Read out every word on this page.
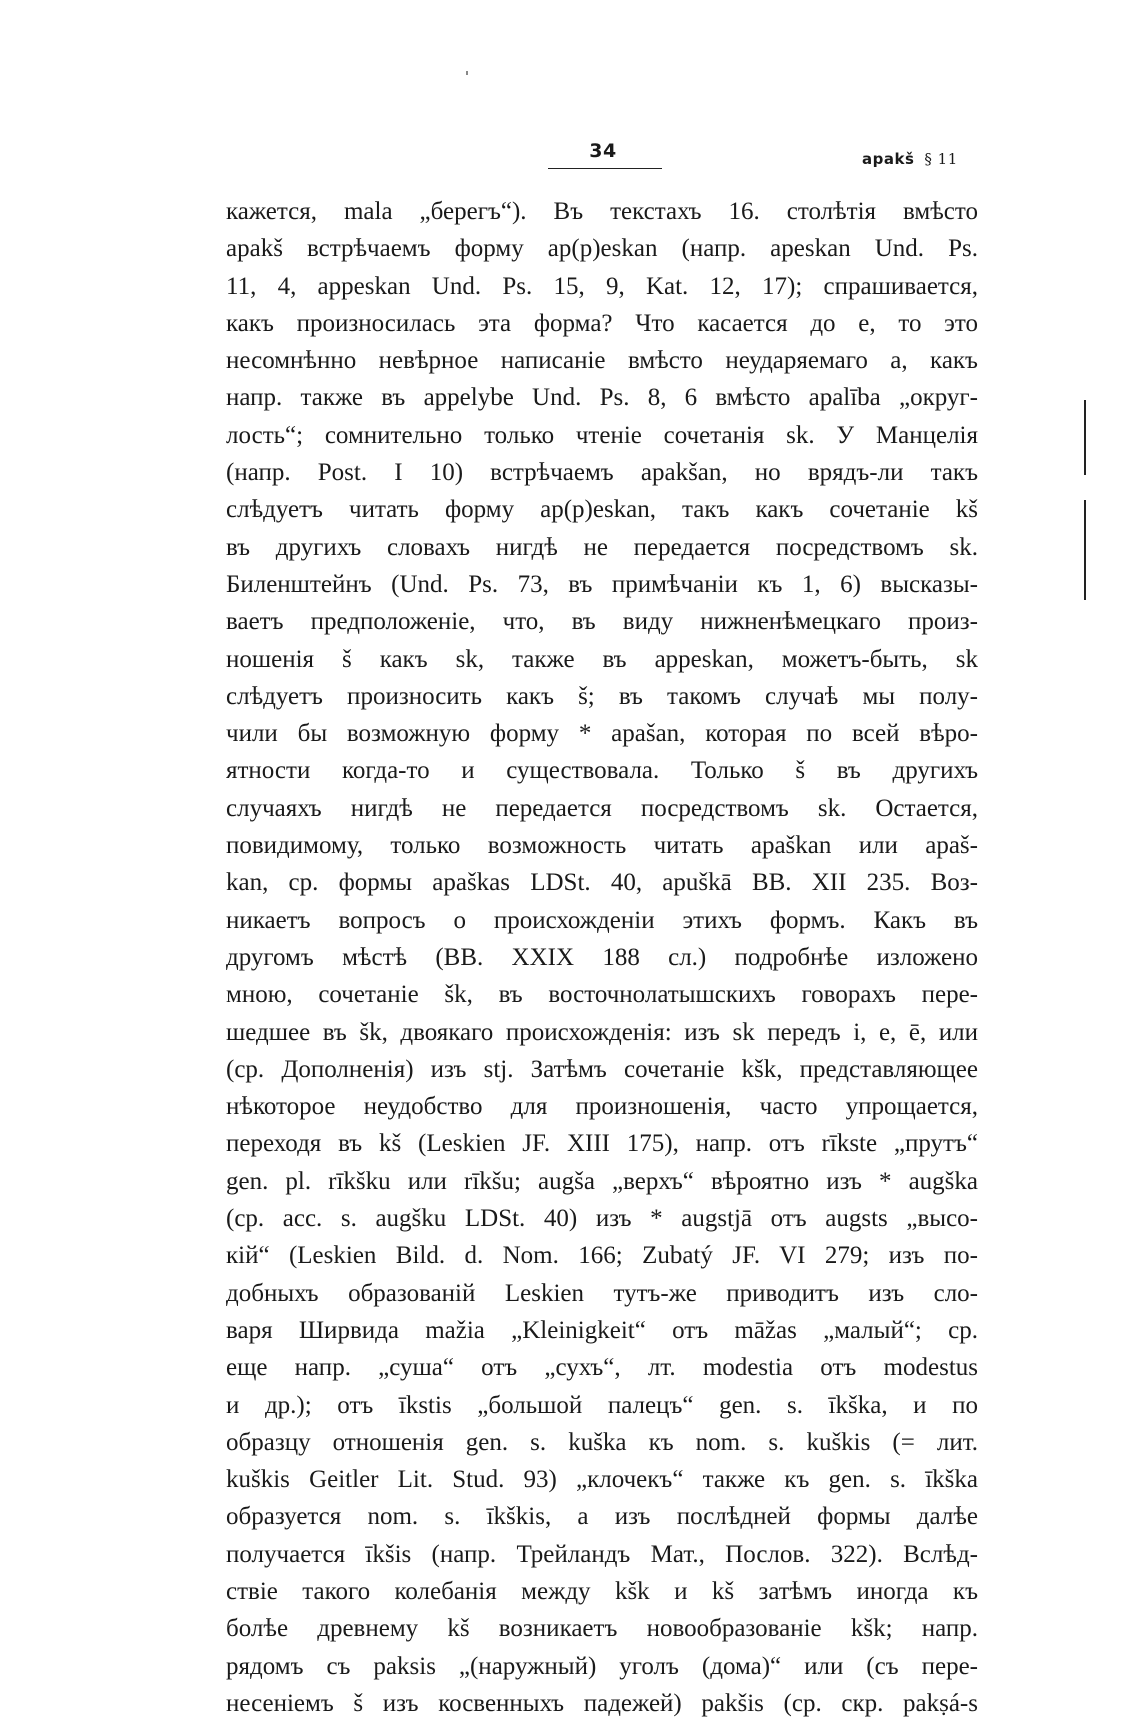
34	apakš § 11
кажется, mala „берегъ“). Въ текстахъ 16. столѣтія вмѣсто
apakš встрѣчаемъ форму ap(p)eskan (напр. apeskan Und. Ps.
11, 4, appeskan Und. Ps. 15, 9, Kat. 12, 17); спрашивается,
какъ произносилась эта форма? Что касается до е, то это
несомнѣнно невѣрное написаніе вмѣсто неударяемаго а, какъ
напр. также въ appelybe Und. Ps. 8, 6 вмѣсто apalība „округ-
лость“; сомнительно только чтеніе сочетанія sk. У Манцелія
(напр. Post. I 10) встрѣчаемъ apakšan, но врядъ-ли такъ
слѣдуетъ читать форму ap(p)eskan, такъ какъ сочетаніе kš
въ другихъ словахъ нигдѣ не передается посредствомъ sk.
Биленштейнъ (Und. Ps. 73, въ примѣчаніи къ 1, 6) высказы-
ваетъ предположеніе, что, въ виду нижненѣмецкаго произ-
ношенія š какъ sk, также въ appeskan, можетъ-быть, sk
слѣдуетъ произносить какъ š; въ такомъ случаѣ мы полу-
чили бы возможную форму * apašan, которая по всей вѣро-
ятности когда-то и существовала. Только š въ другихъ
случаяхъ нигдѣ не передается посредствомъ sk. Остается,
повидимому, только возможность читать apaškan или apaš-
kan, ср. формы apaškas LDSt. 40, apuškā BB. XII 235. Воз-
никаетъ вопросъ о происхожденіи этихъ формъ. Какъ въ
другомъ мѣстѣ (BB. XXIX 188 сл.) подробнѣе изложено
мною, сочетаніе šk, въ восточнолатышскихъ говорахъ пере-
шедшее въ šk, двоякаго происхожденія: изъ sk передъ i, e, ē, или
(ср. Дополненія) изъ stj. Затѣмъ сочетаніе kšk, представляющее
нѣкоторое неудобство для произношенія, часто упрощается,
переходя въ kš (Leskien JF. XIII 175), напр. отъ rīkste „прутъ“
gen. pl. rīkšku или rīkšu; augša „верхъ“ вѣроятно изъ * augška
(ср. acc. s. augšku LDSt. 40) изъ * augstjā отъ augsts „высо-
кій“ (Leskien Bild. d. Nom. 166; Zubatý JF. VI 279; изъ по-
добныхъ образованій Leskien тутъ-же приводитъ изъ сло-
варя Ширвида mažia „Kleinigkeit“ отъ māžas „малый“; ср.
еще напр. „суша“ отъ „сухъ“, лт. modestia отъ modestus
и др.); отъ īkstis „большой палецъ“ gen. s. īkška, и по
образцу отношенія gen. s. kuška къ nom. s. kuškis (= лит.
kuškis Geitler Lit. Stud. 93) „клочекъ“ также къ gen. s. īkška
образуется nom. s. īkškis, а изъ послѣдней формы далѣе
получается īkšis (напр. Трейландъ Мат., Послов. 322). Вслѣд-
ствіе такого колебанія между kšk и kš затѣмъ иногда къ
болѣе древнему kš возникаетъ новообразованіе kšk; напр.
рядомъ съ paksis „(наружный) уголъ (дома)“ или (съ пере-
несеніемъ š изъ косвенныхъ падежей) pakšis (ср. скр. pakṣá-s
